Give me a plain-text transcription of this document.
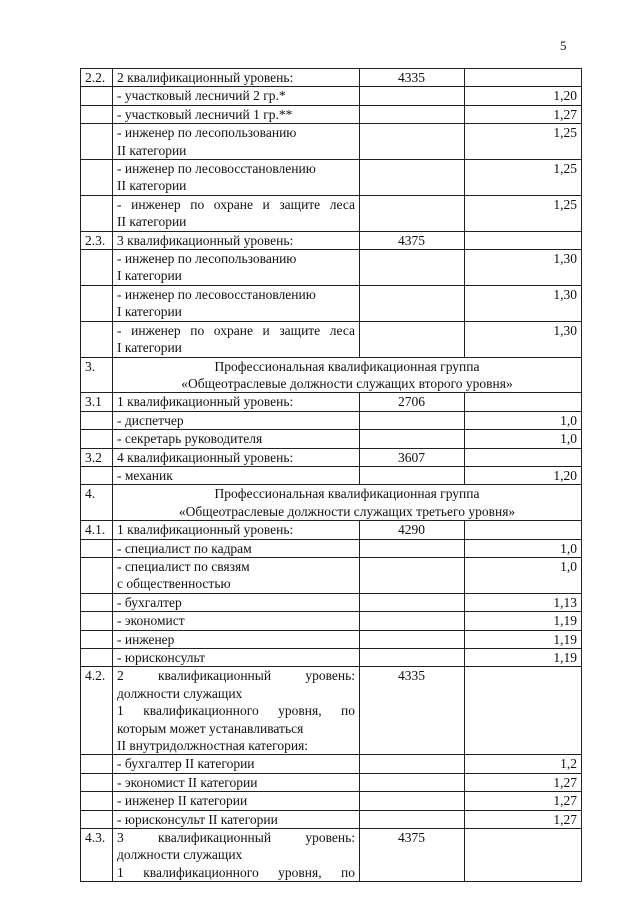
5
2.2.	2 квалификационный уровень:	4335	

	- участковый лесничий 2 гр.*		1,20

	- участковый лесничий 1 гр.**		1,27

	- инженер по лесопользованию
II категории		1,25

	- инженер по лесовосстановлению
II категории		1,25

	- инженер по охране и защите леса
II категории		1,25
2.3.	3 квалификационный уровень:	4375	

	- инженер по лесопользованию
I категории		1,30

	- инженер по лесовосстановлению
I категории		1,30

	- инженер по охране и защите леса
I категории		1,30
3.	Профессиональная квалификационная группа
«Общеотраслевые должности служащих второго уровня»		

3.1	1 квалификационный уровень:	2706	

	- диспетчер		1,0

	- секретарь руководителя		1,0
3.2	4 квалификационный уровень:	3607	

	- механик		1,20
4.	Профессиональная квалификационная группа
«Общеотраслевые должности служащих третьего уровня»		

4.1.	1 квалификационный уровень:	4290	

	- специалист по кадрам		1,0

	- специалист по связям
с общественностью		1,0

	- бухгалтер		1,13

	- экономист		1,19

	- инженер		1,19

	- юрисконсульт		1,19
4.2.	2 квалификационный уровень:
должности служащих
1 квалификационного уровня, по
которым может устанавливаться
II внутридолжностная категория:	4335	

	- бухгалтер II категории		1,2

	- экономист II категории		1,27

	- инженер II категории		1,27

	- юрисконсульт II категории		1,27
4.3.	3 квалификационный уровень:
должности служащих
1 квалификационного уровня, по	4375	
